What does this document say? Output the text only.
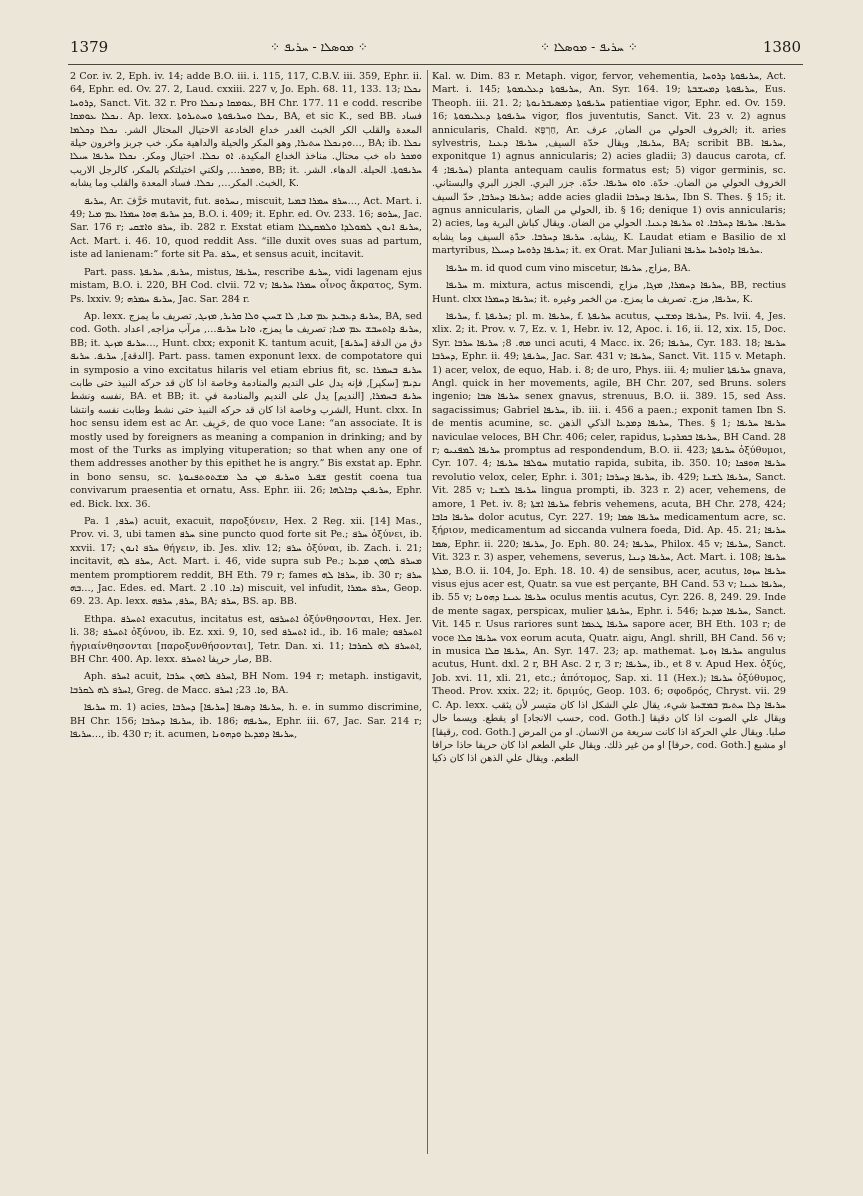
1379	⁘ ܡܘܣܠܐ - ܚܪܝܦ ⁘	⁘ ܚܪܝܦ - ܡܘܣܠܐ ⁘	1380

2 Cor. iv. 2, Eph. iv. 14; adde B.O. iii. i. 115, 117, C.B.V. iii. 359, Ephr. ii. 64, Ephr. ed. Ov. 27. 2, Laud. cxxiii. 227 v, Jo. Eph. 68. 11, 133. 13; ܢܟܠܐ ܕܪܘܚܐ, Sanct. Vit. 32 r. Pro ܥܘܡܩܐ ܕܢܟܠܐ, BH Chr. 177. 11 e codd. rescribe ܢܟܠܐ ܥܘܡܩܐ. Ap. lexx. ܢܟܠܐ ܘܚܪܝܦܘܬܐ ܘܚܬܝܪܘܬܐ, BA, et sic K., sed BB. فساد المعدة والقلب الكر الخبث الغدر خداع الخادعة الاحتيال المحتال الشر. ܢܟܠܐ ܕܟܠܡܐ ܘܕܢܟܠܐ ܚܬܝܪܐ, وهو المكر والحيلة والداهية مكر. خب جربز واخرون حيلة…, BA; ib. ܢܟܠܐ ܘܡܟܪ داه خب محتال. مناخذ الخداع المكيدة. ܐܘ ܢܟܠܐ. احتيال ومكر. ܢܟܠܐ ܚܪܝܦܐ ܚܝܠܐ ܘܡܟܪ…, ولكني اختيلتكم بالمكر، كالرجل الاريب, BB; it. ܚܪܝܦܘܬܐ. الحيلة. الدهاء. الشر. الخبث. المكر…, ܢܟܠܐ. فساد المعدة والقلب وما يشابه, K.

ܚܪܝܦ, Ar. حَرَّفَ mutavit, fut. ܢܚܪܘܦ, miscuit, ܚܪܦ ܚܡܪܐ ܒܡܝܐ…, Act. Mart. i. 49; ܟܕ ܚܪܝܦ ܗܘܐ ܚܡܪܐ ܥܡ ܡܝܐ, B.O. i. 409; it. Ephr. ed. Ov. 233. 16; ܚܪܘܦ, Jac. Sar. 176 r; ܚܪܦ ܘܐܫܩܝ, ib. 282 r. Exstat etiam ܚܪܝܦ ܐܢܘܢ ܠܡܘܠܕܐ ܘܠܡܩܛܠܐ, Act. Mart. i. 46. 10, quod reddit Ass. “ille duxit oves suas ad partum, iste ad lanienam:” forte sit Pa. ܚܪܦ, et sensus acuit, incitavit.

Part. pass. ܚܪܝܦ, ܚܪܝܦܬܐ, mistus, ܚܪܝܦܐ, rescribe ܚܪܝܦ, vidi lagenam ejus mistam, B.O. i. 220, BH Cod. clvii. 72 v; ܚܡܪܐ ܚܪܝܦܐ οἶνος ἄκρατος, Sym. Ps. lxxiv. 9; ܚܪܝܦ ܚܡܪܗ, Jac. Sar. 284 r.

Ap. lexx. ܚܪܝܦ ܕܥܒܝܕ ܥܡ ܡܝܐ, ܠܐ ܫܚܝܢ ܘܠܐ ܩܪܝܪ, ܡܙܝܓ, تصريف ما يمزج, BA, sed cod. Goth. ܚܪܝܦ ܕܐܬܚܒܫ ܥܡ ܡܝܐ; تصريف ما يمزج، ܘܐܢܐ ܚܪܝܦ…, مرآب مزاجه, اعداد, BB; it. ܚܪܝܦ ܡܙܝܓ…, Hunt. clxx; exponit K. tantum acuit, [ܚܪܝܦ] دق من الدقة [الدقة], ܚܪܝܦ. ܚܪܝܦ. Part. pass. tamen exponunt lexx. de compotatore qui in symposio a vino excitatus hilaris vel etiam ebrius fit, sc. ܚܪܝܦ ܒܚܡܪܐ ܢܕܝܡ [سكير], فإنه يدل على النديم والمنادمة وخاصة اذا كان قد حركه النبيذ حتى طابت نفسه ونشط, BA. et BB; it. ܚܪܝܦ ܒܚܡܪܐ, [النديم] يدل على النديم والمنادمة في الشرب وخاصة اذا كان قد حركه النبيذ حتى نشط وطابت نفسه وانتشا, Hunt. clxx. In hoc sensu idem est ac Ar. حَرِيف, de quo voce Lane: “an associate. It is mostly used by foreigners as meaning a companion in drinking; and by most of the Turks as implying vituperation; so that when any one of them addresses another by this epithet he is angry.” Bis exstat ap. Ephr. in bono sensu, sc. ܫܦܝܪ ܘܚܪܝܦ ܡܢ ܟܠ ܡܫܬܘܬܦܢܘܬܐ gestit coena tua convivarum praesentia et ornatu, Ass. Ephr. iii. 26; ܚܪܝܦܝܢ ܕܒܐܠܗܐ, Ephr. ed. Bick. lxx. 36.

Pa. ܚܪܦ, 1) acuit, exacuit, παροξύνειν, Hex. 2 Reg. xii. [14] Mas., Prov. vi. 3, ubi tamen ܚܪܦ sine puncto quod forte sit Pe.; ܚܪܦ ὀξύνει, ib. xxvii. 17; ܚܪܦ ܐܢܘܢ θήγειν, ib. Jes. xliv. 12; ܚܪܦ ὀξύναι, ib. Zach. i. 21; incitavit, ܚܪܦ ܠܗ, Act. Mart. i. 46, vide supra sub Pe.; ܡܚܪܦ ܠܗܘܢ ܡܕܥܐ mentem promptiorem reddit, BH Eth. 79 r; fames ܚܪܦܐ ܠܗ, ib. 30 r; ܚܪܦ ܒܗ…, Jac. Edes. ed. Mart. ܟܐ. 10. 2) miscuit, vel infudit, ܚܪܦ ܚܡܪܐ, Geop. 69. 23. Ap. lexx. ܚܪܦ, ܚܪܦܗ, BA; ܚܪܦ, BS. ap. BB.

Ethpa. ܐܬܚܪܦ exacutus, incitatus est, ܐܬܚܪܦܘ ὀξύνθησονται, Hex. Jer. li. 38; ܐܬܚܪܦ ὀξύνου, ib. Ez. xxi. 9, 10, sed ܐܬܚܪܦ id., ib. 16 male; ܐܬܚܪܦܘ ἠγριαίνθησονται [παροξυνθήσονται], Tetr. Dan. xi. 11; ܐܬܚܪܦ ܠܗ ܠܩܪܒܐ, BH Chr. 400. Ap. lexx. صار حريفا ܐܬܚܪܦ, BB.

Aph. ܐܚܪܦ acuit, ܐܚܪܦ ܠܗܘܢ ܚܪܒܐ, BH Nom. 194 r; metaph. instigavit, ܐܚܪܦ ܠܗ ܠܩܪܒܐ, Greg. de Macc. ܘܐ. 23; ܐܚܪܦ, BA.

ܚܪܝܦܐ m. 1) acies, ܚܪܝܦܐ ܕܣܝܦܐ [ܚܪܝܦܐ] ܕܚܪܒܐ, h. e. in summo discrimine, BH Chr. 156; ܚܪܝܦܐ ܕܚܪܒܐ, ib. 186; ܚܪܝܦܗ, Ephr. iii. 67, Jac. Sar. 214 r; ܚܪܝܦܐ…, ib. 430 r; it. acumen, ܚܪܝܦܐ ܕܡܕܥܐ ܘܕܗܘܢܐ,

Kal. w. Dim. 83 r. Metaph. vigor, fervor, vehementia, ܚܪܝܦܘܬܐ ܕܪܘܚܐ, Act. Mart. i. 145; ܚܪܝܦܘܬܐ ܕܥܠܝܡܘܬܐ, An. Syr. 164. 19; ܚܪܝܦܘܬܐ ܕܡܚܫܒܬܐ, Eus. Theoph. iii. 21. 2; ܚܪܝܦܘܬܐ ܕܡܣܝܒܪܢܘܬܐ patientiae vigor, Ephr. ed. Ov. 159. 16; ܚܪܝܦܘܬܐ ܕܥܠܝܡܘܬܐ vigor, flos juventutis, Sanct. Vit. 23 v. 2) agnus annicularis, Chald. חַרְפָּא, Ar. الخروف الحولي من الضان, عرف; it. aries sylvestris, ܚܪܝܦܐ, ويقال حدّة السيف, ܚܪܝܦܐ ܕܥܢܐ, BA; scribit BB. ܚܪܝܦܐ, exponitque 1) agnus annicularis; 2) acies gladii; 3) daucus carota, cf. ܚܪܝܦܐ; 4) planta antequam caulis formatus est; 5) vigor germinis, sc. الخروف الحولي من الضان. حدّة. ܘܐܘ ܚܪܝܦܐ. حدّة. جزر البري. الجزر البري والبستاني. ܚܪܝܦܐ ܕܚܪܒܐ, حدّ السيف; adde acies gladii ܚܪܝܦܐ ܕܚܪܒܐ, Ibn S. Thes. § 15; it. agnus annicularis, الحولي من الضان, ib. § 16; denique 1) ovis annicularis; 2) acies, ܚܪܝܦܐ. ܚܪܝܦܐ ܕܚܪܒܐ. ܐܘ ܚܪܝܦܐ ܕܥܢܐ. الحولي من الضان. ويقال كباش البرية وما يشابه. ܚܪܝܦܐ ܕܚܪܒܐ. حدّة السيف وما يشابه, K. Laudat etiam e Basilio de xl martyribus, ܚܪܝܦܐ ܕܪܘܚܐ ܕܚܝܠܐ; it. ex Orat. Mar Juliani ܚܪܝܦܐ ܕܐܘܪܚܐ ܚܪܝܦܐ.

ܚܪܝܦܐ m. id quod cum vino miscetur, مزاج, ܚܪܝܦܐ, BA.

ܚܪܝܦܐ m. mixtura, actus miscendi, ܚܪܝܦܐ ܕܚܡܪܐ, ܡܙܓܐ, مزاج, BB, rectius Hunt. clxx ܚܪܝܦܐ ܕܚܡܪܐ; it. ܚܪܝܦܐ, مزج. تصريف ما يمزج. من الخمر وغيره, K.

ܚܪܝܦܐ, f. ܚܪܝܦܬܐ; pl. m. ܚܪܝܦܐ, f. ܚܪܝܦܬܐ acutus, ܚܪܝܦܐ ܕܡܫܢܢ, Ps. lvii. 4, Jes. xlix. 2; it. Prov. v. 7, Ez. v. 1, Hebr. iv. 12, Apoc. i. 16, ii. 12, xix. 15, Doc. Syr. ܡܗ. 8; ܚܪܝܦܐ ܚܪܒܐ unci acuti, 4 Macc. ix. 26; ܚܪܝܦܐ, Cyr. 183. 18; ܚܪܝܦܐ ܕܚܪܒܐ, Ephr. ii. 49; ܚܪܝܦܬܐ, Jac. Sar. 431 v; ܚܪܝܦܐ, Sanct. Vit. 115 v. Metaph. 1) acer, velox, de equo, Hab. i. 8; de uro, Phys. iii. 4; mulier ܚܪܝܦܬܐ gnava, Angl. quick in her movements, agile, BH Chr. 207, sed Bruns. solers ingenio; ܚܪܝܦܐ ܣܒܐ senex gnavus, strenuus, B.O. ii. 389. 15, sed Ass. sagacissimus; Gabriel ܚܪܝܦܐ, ib. iii. i. 456 a paen.; exponit tamen Ibn S. de mentis acumine, sc. ܚܪܝܦܐ ܕܡܕܥܐ الذكي الذهن, Thes. § 1; ܚܪܝܦܐ ܚܪܝܦܐ naviculae veloces, BH Chr. 406; celer, rapidus, ܚܪܝܦܐ ܒܡܪܕܝܬܐ, BH Cand. 28 r; ܚܪܝܦܐ ܠܡܦܢܝܘ promptus ad respondendum, B.O. ii. 423; ܚܪܝܦܬܐ ὀξύθυμοι, Cyr. 107. 4; ܚܘܠܦܐ ܚܪܝܦܐ mutatio rapida, subita, ib. 350. 10; ܚܪܝܦܐ ܗܘܦܟܐ revolutio velox, celer, Ephr. i. 301; ܚܪܝܦܐ ܕܚܪܒܐ, ib. 429; ܚܪܝܦܐ ܠܫܢܐ, Sanct. Vit. 285 v; ܚܪܝܦܐ ܠܫܢܐ lingua prompti, ib. 323 r. 2) acer, vehemens, de amore, 1 Pet. iv. 8; ܚܪܝܦܐ ܐܫܬܐ febris vehemens, acuta, BH Chr. 278, 424; ܚܪܝܦܐ ܟܐܒܐ dolor acutus, Cyr. 227. 19; ܚܪܝܦܐ ܣܡܐ medicamentum acre, sc. ξήριον, medicamentum ad siccanda vulnera foeda, Did. Ap. 45. 21; ܚܪܝܦܐ ܣܡܐ, Ephr. ii. 220; ܚܪܝܦܐ, Jo. Eph. 80. 24; ܚܪܝܦܐ, Philox. 45 v; ܚܪܝܦܐ, Sanct. Vit. 323 r. 3) asper, vehemens, severus, ܚܪܝܦܐ ܕܝܢܐ, Act. Mart. i. 108; ܚܪܝܦܐ ܡܠܬܐ, B.O. ii. 104, Jo. Eph. 18. 10. 4) de sensibus, acer, acutus, ܚܪܝܦܐ ܚܙܘܐ visus ejus acer est, Quatr. sa vue est perçante, BH Cand. 53 v; ܚܪܝܦܐ ܥܝܢܐ, ib. 55 v; ܚܪܝܦܐ ܥܝܢܐ ܕܗܘܢܐ oculus mentis acutus, Cyr. 226. 8, 249. 29. Inde de mente sagax, perspicax, mulier ܚܪܝܦܬܐ, Ephr. i. 546; ܚܪܝܦܐ ܡܕܥܐ, Sanct. Vit. 145 r. Usus rariores sunt ܚܪܝܦܐ ܛܥܡܐ sapore acer, BH Eth. 103 r; de voce ܚܪܝܦܐ ܩܠܐ vox eorum acuta, Quatr. aigu, Angl. shrill, BH Cand. 56 v; in musica ܚܪܝܦܐ ܩܠܐ, An. Syr. 147. 23; ap. mathemat. ܚܪܝܦܐ ܙܘܝܬܐ angulus acutus, Hunt. dxl. 2 r, BH Asc. 2 r, 3 r; ܚܪܝܦܐ, ib., et 8 v. Apud Hex. ὀξύς, Job. xvi. 11, xli. 21, etc.; ἀπότομος, Sap. xi. 11 (Hex.); ܚܪܝܦܐ ὀξύθυμος, Theod. Prov. xxix. 22; it. δριμύς, Geop. 103. 6; σφοδρός, Chryst. vii. 29 C. Ap. lexx. ܚܪܝܦܐ ܕܠܐ ܚܬܝܡ ܒܡܫܚܬܐ شيء، يقال علي الشكل اذا كان متيسر لأن يثقب او يقطع. ويسما حال [حسب الانجاد, cod. Goth.] ويقال علي الصوت اذا كان دقيقا [رقيقا, cod. Goth.] صلبا. ويقال علي الحركة اذا كانت سريعة من الانسان. او من المرض او من غير ذلك. ويقال علي الطعم اذا كان حريفا حاذا حرافا [حرفا, cod. Goth.] او مشبع الطعم. ويقال علي الذهن اذا كان ذكيا
